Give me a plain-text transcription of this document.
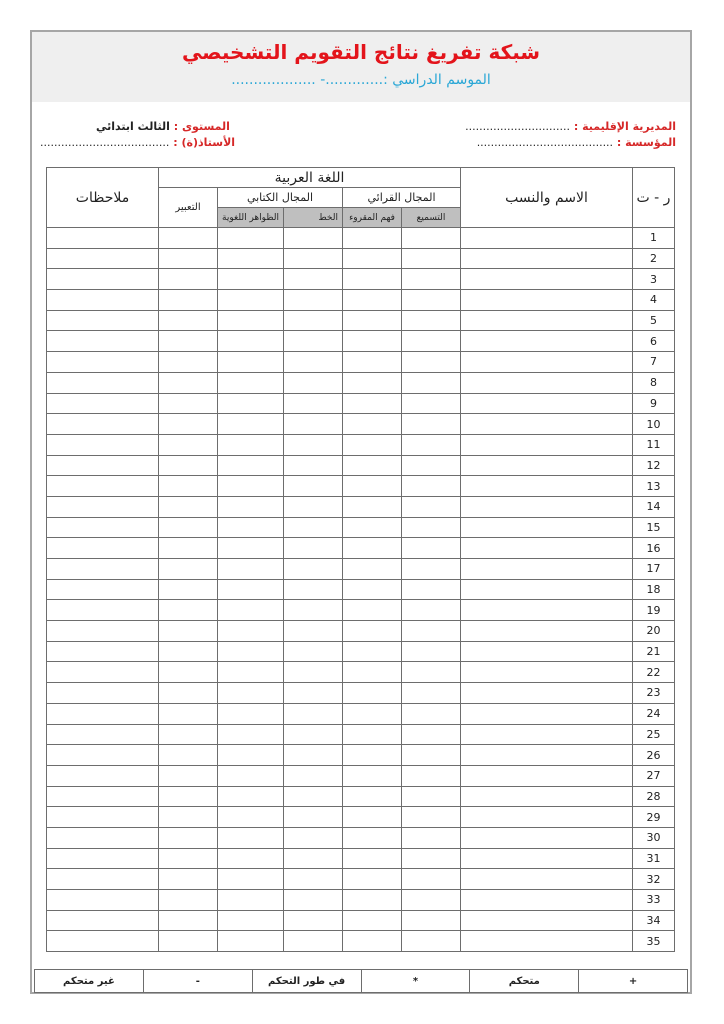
شبكة تفريغ نتائج التقويم التشخيصي
الموسم الدراسي :.............- ...................
المديرية الإقليمية : ..............................
المؤسسة : .......................................
المستوى : الثالث ابتدائي
الأستاذ(ة) : .....................................
ر - ت	الاسم والنسب	اللغة العربية					ملاحظات
		المجال القرائي		المجال الكتابي		التعبير	
		التسميع	فهم المقروء	الخط	الظواهر اللغوية		
1							
2							
3							
4							
5							
6							
7							
8							
9							
10							
11							
12							
13							
14							
15							
16							
17							
18							
19							
20							
21							
22							
23							
24							
25							
26							
27							
28							
29							
30							
31							
32							
33							
34							
35							
+	متحكم	*	في طور التحكم	-	غير متحكم
